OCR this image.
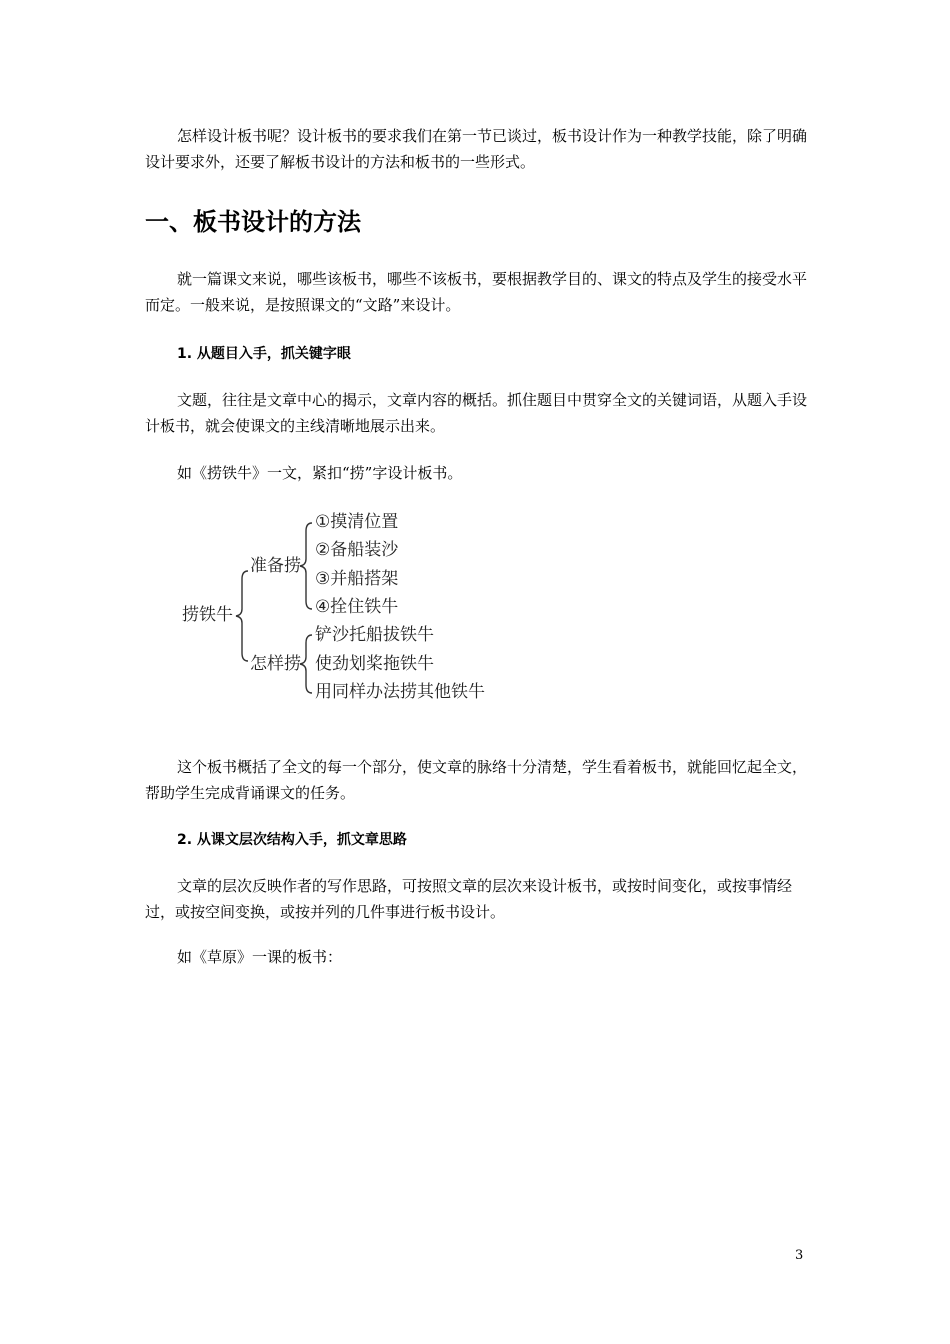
怎样设计板书呢？设计板书的要求我们在第一节已谈过，板书设计作为一种教学技能，除了明确设计要求外，还要了解板书设计的方法和板书的一些形式。

一、板书设计的方法

就一篇课文来说，哪些该板书，哪些不该板书，要根据教学目的、课文的特点及学生的接受水平而定。一般来说，是按照课文的“文路”来设计。

1. 从题目入手，抓关键字眼

文题，往往是文章中心的揭示，文章内容的概括。抓住题目中贯穿全文的关键词语，从题入手设计板书，就会使课文的主线清晰地展示出来。

如《捞铁牛》一文，紧扣“捞”字设计板书。

捞铁牛
准备捞
①摸清位置
②备船装沙
③并船搭架
④拴住铁牛
怎样捞
铲沙托船拔铁牛
使劲划桨拖铁牛
用同样办法捞其他铁牛

这个板书概括了全文的每一个部分，使文章的脉络十分清楚，学生看着板书，就能回忆起全文，帮助学生完成背诵课文的任务。

2. 从课文层次结构入手，抓文章思路

文章的层次反映作者的写作思路，可按照文章的层次来设计板书，或按时间变化，或按事情经过，或按空间变换，或按并列的几件事进行板书设计。

如《草原》一课的板书：

3
